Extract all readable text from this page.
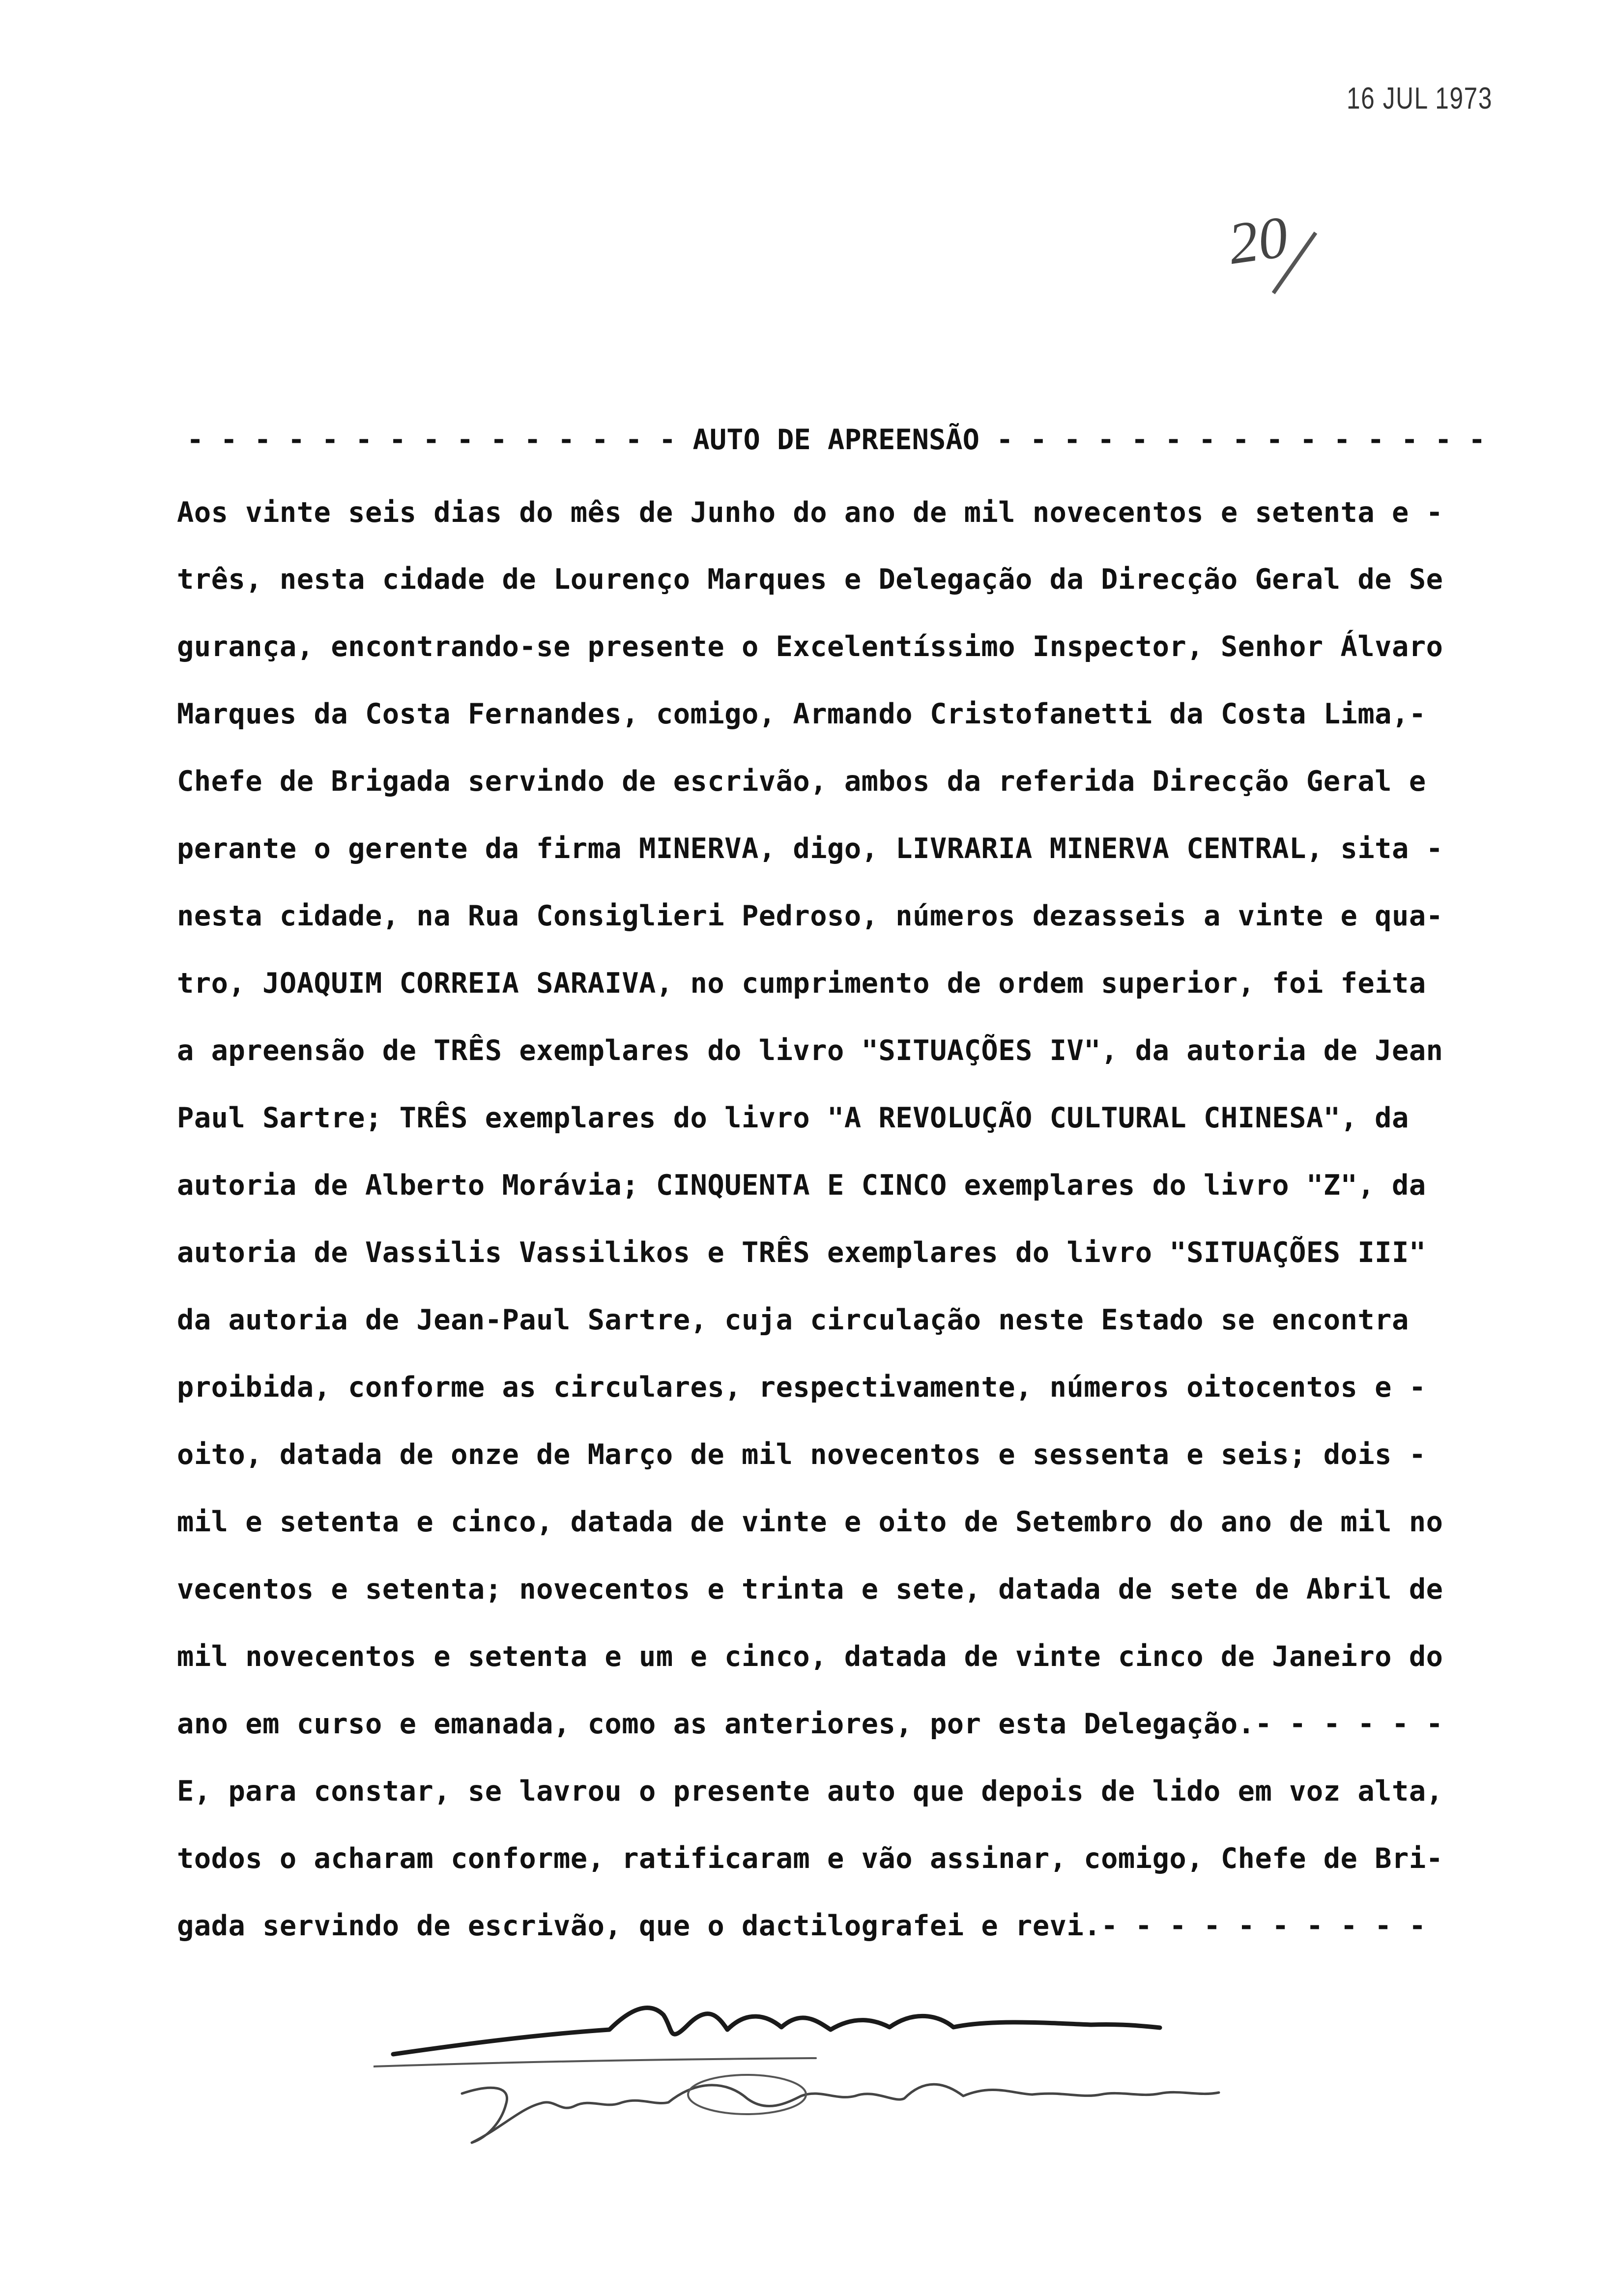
16 JUL 1973
20
- - - - - - - - - - - - - - - AUTO DE APREENSÃO - - - - - - - - - - - - - - -
Aos vinte seis dias do mês de Junho do ano de mil novecentos e setenta e -
três, nesta cidade de Lourenço Marques e Delegação da Direcção Geral de Se
gurança, encontrando-se presente o Excelentíssimo Inspector, Senhor Álvaro
Marques da Costa Fernandes, comigo, Armando Cristofanetti da Costa Lima,-
Chefe de Brigada servindo de escrivão, ambos da referida Direcção Geral e
perante o gerente da firma MINERVA, digo, LIVRARIA MINERVA CENTRAL, sita -
nesta cidade, na Rua Consiglieri Pedroso, números dezasseis a vinte e qua-
tro, JOAQUIM CORREIA SARAIVA, no cumprimento de ordem superior, foi feita
a apreensão de TRÊS exemplares do livro "SITUAÇÕES IV", da autoria de Jean
Paul Sartre; TRÊS exemplares do livro "A REVOLUÇÃO CULTURAL CHINESA", da
autoria de Alberto Morávia; CINQUENTA E CINCO exemplares do livro "Z", da
autoria de Vassilis Vassilikos e TRÊS exemplares do livro "SITUAÇÕES III"
da autoria de Jean-Paul Sartre, cuja circulação neste Estado se encontra
proibida, conforme as circulares, respectivamente, números oitocentos e -
oito, datada de onze de Março de mil novecentos e sessenta e seis; dois -
mil e setenta e cinco, datada de vinte e oito de Setembro do ano de mil no
vecentos e setenta; novecentos e trinta e sete, datada de sete de Abril de
mil novecentos e setenta e um e cinco, datada de vinte cinco de Janeiro do
ano em curso e emanada, como as anteriores, por esta Delegação.- - - - - -
E, para constar, se lavrou o presente auto que depois de lido em voz alta,
todos o acharam conforme, ratificaram e vão assinar, comigo, Chefe de Bri-
gada servindo de escrivão, que o dactilografei e revi.- - - - - - - - - -
